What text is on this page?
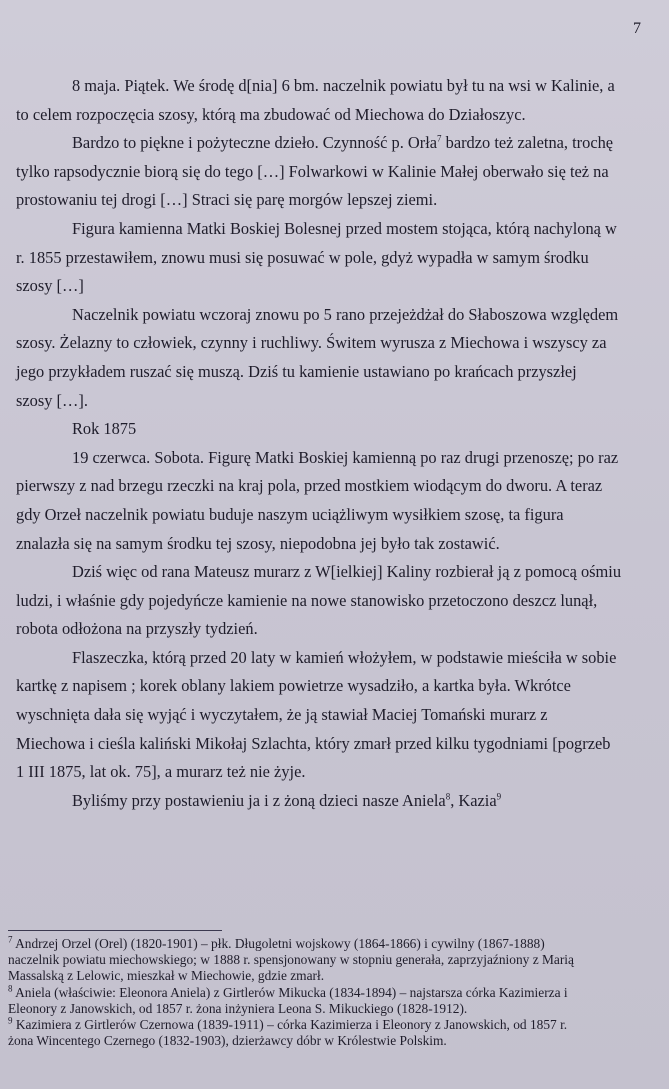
7

8 maja. Piątek. We środę d[nia] 6 bm. naczelnik powiatu był tu na wsi w Kalinie, a
to celem rozpoczęcia szosy, którą ma zbudować od Miechowa do Działoszyc.

Bardzo to piękne i pożyteczne dzieło. Czynność p. Orła$^7$ bardzo też zaletna, trochę
tylko rapsodycznie biorą się do tego […] Folwarkowi w Kalinie Małej oberwało się też na
prostowaniu tej drogi […] Straci się parę morgów lepszej ziemi.

Figura kamienna Matki Boskiej Bolesnej przed mostem stojąca, którą nachyloną w
r. 1855 przestawiłem, znowu musi się posuwać w pole, gdyż wypadła w samym środku
szosy […]

Naczelnik powiatu wczoraj znowu po 5 rano przejeżdżał do Słaboszowa względem
szosy. Żelazny to człowiek, czynny i ruchliwy. Świtem wyrusza z Miechowa i wszyscy za
jego przykładem ruszać się muszą. Dziś tu kamienie ustawiano po krańcach przyszłej
szosy […].

Rok 1875

19 czerwca. Sobota. Figurę Matki Boskiej kamienną po raz drugi przenoszę; po raz
pierwszy z nad brzegu rzeczki na kraj pola, przed mostkiem wiodącym do dworu. A teraz
gdy Orzeł naczelnik powiatu buduje naszym uciążliwym wysiłkiem szosę, ta figura
znalazła się na samym środku tej szosy, niepodobna jej było tak zostawić.

Dziś więc od rana Mateusz murarz z W[ielkiej] Kaliny rozbierał ją z pomocą ośmiu
ludzi, i właśnie gdy pojedyńcze kamienie na nowe stanowisko przetoczono deszcz lunął,
robota odłożona na przyszły tydzień.

Flaszeczka, którą przed 20 laty w kamień włożyłem, w podstawie mieściła w sobie
kartkę z napisem ; korek oblany lakiem powietrze wysadziło, a kartka była. Wkrótce
wyschnięta dała się wyjąć i wyczytałem, że ją stawiał Maciej Tomański murarz z
Miechowa i cieśla kaliński Mikołaj Szlachta, który zmarł przed kilku tygodniami [pogrzeb
1 III 1875, lat ok. 75], a murarz też nie żyje.

Byliśmy przy postawieniu ja i z żoną dzieci nasze Aniela$^8$, Kazia$^9$

$^7$ Andrzej Orzel (Orel) (1820-1901) – płk. Długoletni wojskowy (1864-1866) i cywilny (1867-1888)
naczelnik powiatu miechowskiego; w 1888 r. spensjonowany w stopniu generała, zaprzyjaźniony z Marią
Massalską z Lelowic, mieszkał w Miechowie, gdzie zmarł.
$^8$ Aniela (właściwie: Eleonora Aniela) z Girtlerów Mikucka (1834-1894) – najstarsza córka Kazimierza i
Eleonory z Janowskich, od 1857 r. żona inżyniera Leona S. Mikuckiego (1828-1912).
$^9$ Kazimiera z Girtlerów Czernowa (1839-1911) – córka Kazimierza i Eleonory z Janowskich, od 1857 r.
żona Wincentego Czernego (1832-1903), dzierżawcy dóbr w Królestwie Polskim.
